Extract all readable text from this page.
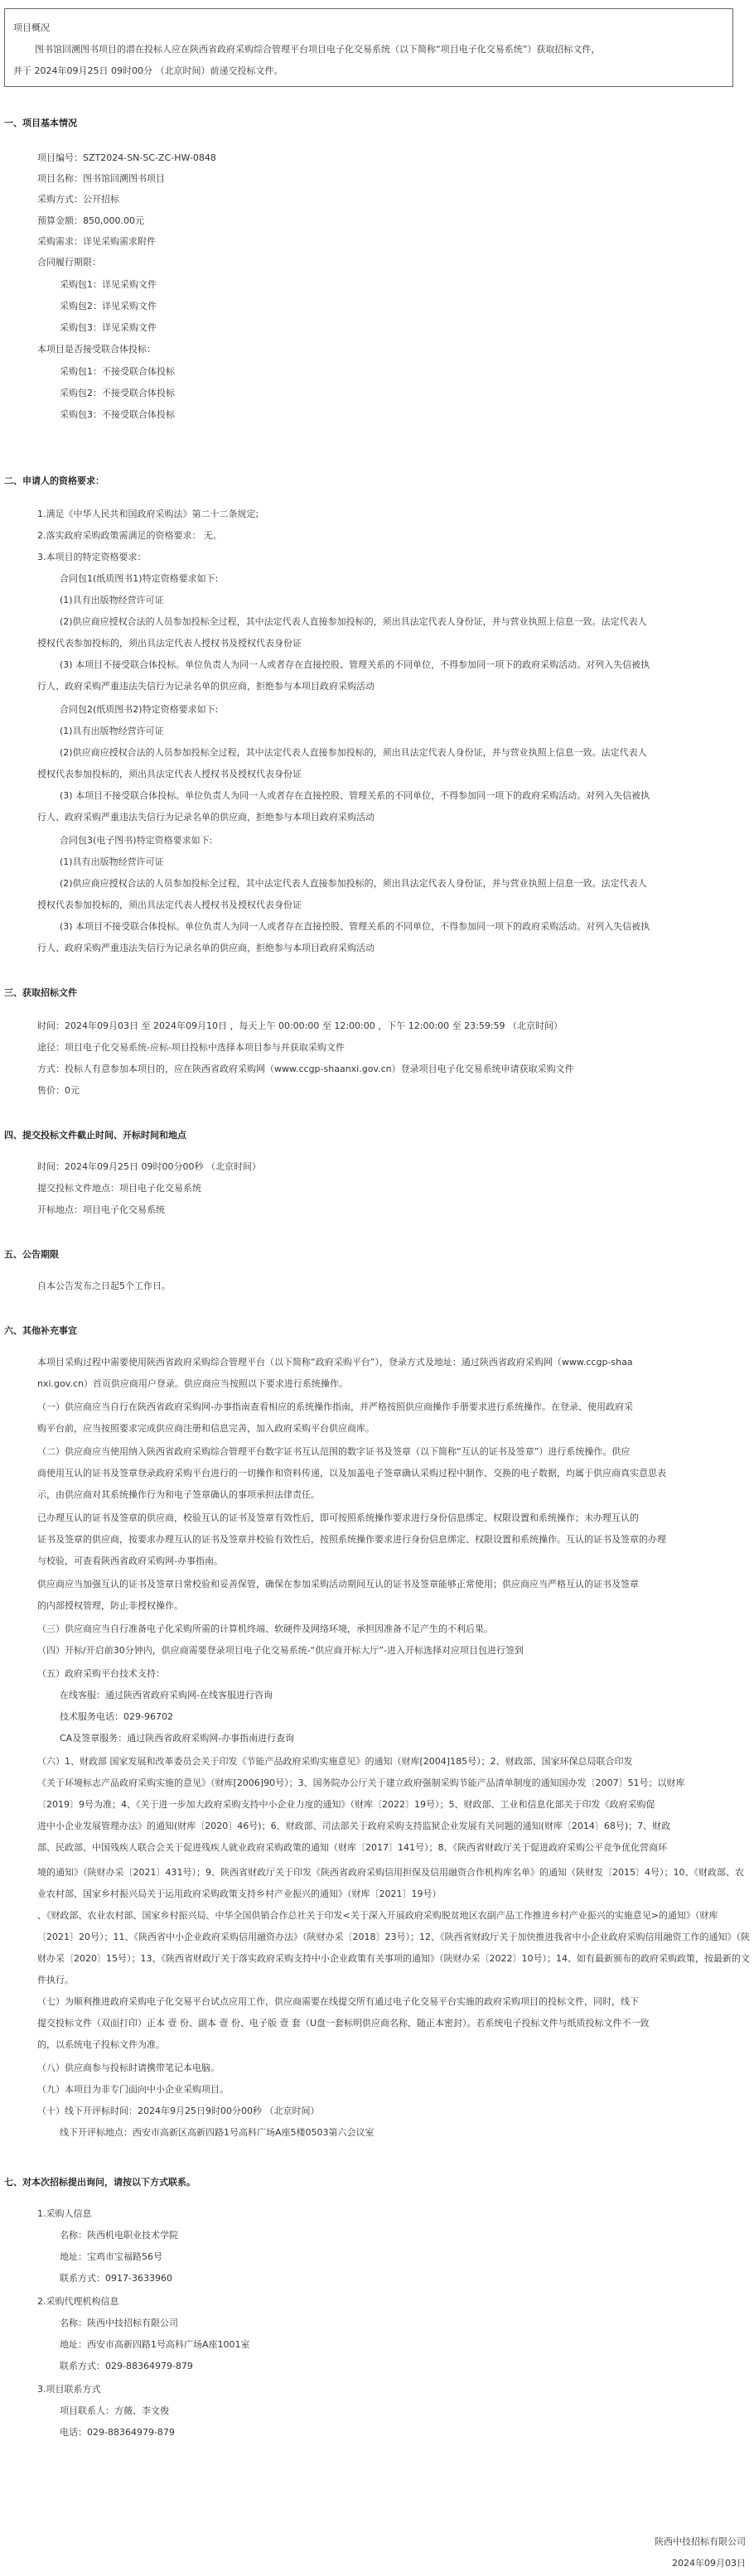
项目概况
图书馆回溯图书项目的潜在投标人应在陕西省政府采购综合管理平台项目电子化交易系统（以下简称“项目电子化交易系统”）获取招标文件，
并于 2024年09月25日 09时00分 （北京时间）前递交投标文件。
一、项目基本情况
项目编号：SZT2024-SN-SC-ZC-HW-0848
项目名称：图书馆回溯图书项目
采购方式：公开招标
预算金额：850,000.00元
采购需求：详见采购需求附件
合同履行期限：
采购包1：详见采购文件
采购包2：详见采购文件
采购包3：详见采购文件
本项目是否接受联合体投标：
采购包1：不接受联合体投标
采购包2：不接受联合体投标
采购包3：不接受联合体投标
二、申请人的资格要求：
1.满足《中华人民共和国政府采购法》第二十二条规定;
2.落实政府采购政策需满足的资格要求： 无。
3.本项目的特定资格要求：
合同包1(纸质图书1)特定资格要求如下:
(1)具有出版物经营许可证
(2)供应商应授权合法的人员参加投标全过程，其中法定代表人直接参加投标的，须出具法定代表人身份证，并与营业执照上信息一致。法定代表人
授权代表参加投标的，须出具法定代表人授权书及授权代表身份证
(3) 本项目不接受联合体投标。单位负责人为同一人或者存在直接控股、管理关系的不同单位，不得参加同一项下的政府采购活动。对列入失信被执
行人、政府采购严重违法失信行为记录名单的供应商，拒绝参与本项目政府采购活动
合同包2(纸质图书2)特定资格要求如下:
(1)具有出版物经营许可证
(2)供应商应授权合法的人员参加投标全过程，其中法定代表人直接参加投标的，须出具法定代表人身份证，并与营业执照上信息一致。法定代表人
授权代表参加投标的，须出具法定代表人授权书及授权代表身份证
(3) 本项目不接受联合体投标。单位负责人为同一人或者存在直接控股、管理关系的不同单位，不得参加同一项下的政府采购活动。对列入失信被执
行人、政府采购严重违法失信行为记录名单的供应商，拒绝参与本项目政府采购活动
合同包3(电子图书)特定资格要求如下:
(1)具有出版物经营许可证
(2)供应商应授权合法的人员参加投标全过程，其中法定代表人直接参加投标的，须出具法定代表人身份证，并与营业执照上信息一致。法定代表人
授权代表参加投标的，须出具法定代表人授权书及授权代表身份证
(3) 本项目不接受联合体投标。单位负责人为同一人或者存在直接控股、管理关系的不同单位，不得参加同一项下的政府采购活动。对列入失信被执
行人、政府采购严重违法失信行为记录名单的供应商，拒绝参与本项目政府采购活动
三、获取招标文件
时间：2024年09月03日 至 2024年09月10日 ，每天上午 00:00:00 至 12:00:00 ，下午 12:00:00 至 23:59:59 （北京时间）
途径：项目电子化交易系统-应标-项目投标中选择本项目参与并获取采购文件
方式：投标人有意参加本项目的，应在陕西省政府采购网（www.ccgp-shaanxi.gov.cn）登录项目电子化交易系统申请获取采购文件
售价：0元
四、提交投标文件截止时间、开标时间和地点
时间：2024年09月25日 09时00分00秒 （北京时间）
提交投标文件地点：项目电子化交易系统
开标地点：项目电子化交易系统
五、公告期限
自本公告发布之日起5个工作日。
六、其他补充事宜
本项目采购过程中需要使用陕西省政府采购综合管理平台（以下简称“政府采购平台”），登录方式及地址：通过陕西省政府采购网（www.ccgp-shaa
nxi.gov.cn）首页供应商用户登录。供应商应当按照以下要求进行系统操作。
（一）供应商应当自行在陕西省政府采购网-办事指南查看相应的系统操作指南，并严格按照供应商操作手册要求进行系统操作。在登录、使用政府采
购平台前，应当按照要求完成供应商注册和信息完善，加入政府采购平台供应商库。
（二）供应商应当使用纳入陕西省政府采购综合管理平台数字证书互认范围的数字证书及签章（以下简称“互认的证书及签章”）进行系统操作。供应
商使用互认的证书及签章登录政府采购平台进行的一切操作和资料传递，以及加盖电子签章确认采购过程中制作、交换的电子数据，均属于供应商真实意思表
示，由供应商对其系统操作行为和电子签章确认的事项承担法律责任。
已办理互认的证书及签章的供应商，校验互认的证书及签章有效性后，即可按照系统操作要求进行身份信息绑定、权限设置和系统操作；未办理互认的
证书及签章的供应商，按要求办理互认的证书及签章并校验有效性后，按照系统操作要求进行身份信息绑定、权限设置和系统操作。互认的证书及签章的办理
与校验，可查看陕西省政府采购网-办事指南。
供应商应当加强互认的证书及签章日常校验和妥善保管，确保在参加采购活动期间互认的证书及签章能够正常使用；供应商应当严格互认的证书及签章
的内部授权管理，防止非授权操作。
（三）供应商应当自行准备电子化采购所需的计算机终端、软硬件及网络环境，承担因准备不足产生的不利后果。
（四）开标/开启前30分钟内，供应商需要登录项目电子化交易系统-“供应商开标大厅”-进入开标选择对应项目包进行签到
（五）政府采购平台技术支持：
在线客服：通过陕西省政府采购网-在线客服进行咨询
技术服务电话：029-96702
CA及签章服务：通过陕西省政府采购网-办事指南进行查询
（六）1、财政部 国家发展和改革委员会关于印发《节能产品政府采购实施意见》的通知（财库[2004]185号）；2、财政部、国家环保总局联合印发
《关于环境标志产品政府采购实施的意见》（财库[2006]90号）；3、国务院办公厅关于建立政府强制采购节能产品清单制度的通知国办发〔2007〕51号；以财库
〔2019〕9号为准；4、《关于进一步加大政府采购支持中小企业力度的通知》（财库〔2022〕19号）；5、财政部、工业和信息化部关于印发《政府采购促
进中小企业发展管理办法》的通知(财库〔2020〕46号)；6、财政部、司法部关于政府采购支持监狱企业发展有关问题的通知(财库〔2014〕68号)；7、财政
部、民政部、中国残疾人联合会关于促进残疾人就业政府采购政策的通知（财库〔2017〕141号）；8、《陕西省财政厅关于促进政府采购公平竞争优化营商环
境的通知》（陕财办采〔2021〕431号）；9、陕西省财政厅关于印发《陕西省政府采购信用担保及信用融资合作机构库名单》的通知（陕财发〔2015〕4号）；10、《财政部、农业农村部、国家乡村振兴局关于运用政府采购政策支持乡村产业振兴的通知》（财库〔2021〕19号）
、《财政部、农业农村部、国家乡村振兴局、中华全国供销合作总社关于印发<关于深入开展政府采购脱贫地区农副产品工作推进乡村产业振兴的实施意见>的通知》（财库〔2021〕20号）；11、《陕西省中小企业政府采购信用融资办法》（陕财办采〔2018〕23号）；12、《陕西省财政厅关于加快推进我省中小企业政府采购信用融资工作的通知》（陕财办采〔2020〕15号）；13、《陕西省财政厅关于落实政府采购支持中小企业政策有关事项的通知》（陕财办采〔2022〕10号）；14、如有最新颁布的政府采购政策，按最新的文件执行。
（七）为顺利推进政府采购电子化交易平台试点应用工作，供应商需要在线提交所有通过电子化交易平台实施的政府采购项目的投标文件，同时，线下
提交投标文件（双面打印）正本 壹 份、副本 壹 份、电子版 壹 套（U盘一套标明供应商名称，随正本密封）。若系统电子投标文件与纸质投标文件不一致
的，以系统电子投标文件为准。
（八）供应商参与投标时请携带笔记本电脑。
（九）本项目为非专门面向中小企业采购项目。
（十）线下开评标时间：2024年9月25日9时00分00秒 （北京时间）
线下开评标地点：西安市高新区高新四路1号高科广场A座5楼0503第六会议室
七、对本次招标提出询问，请按以下方式联系。
1.采购人信息
名称：陕西机电职业技术学院
地址：宝鸡市宝福路56号
联系方式：0917-3633960
2.采购代理机构信息
名称：陕西中技招标有限公司
地址：西安市高新四路1号高科广场A座1001室
联系方式：029-88364979-879
3.项目联系方式
项目联系人：方薇、李文俊
电话：029-88364979-879
陕西中技招标有限公司
2024年09月03日
